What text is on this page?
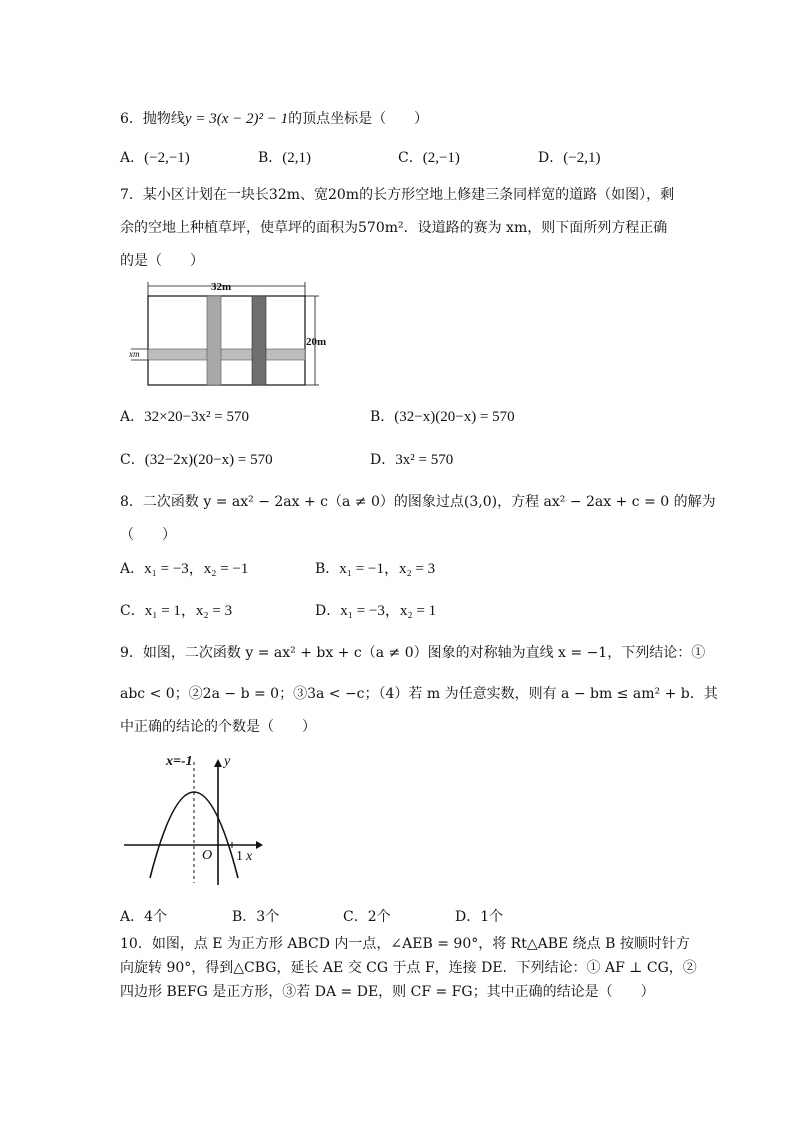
6．抛物线y = 3(x − 2)² − 1的顶点坐标是（　　）
A．(−2,−1)	B．(2,1)	C．(2,−1)	D．(−2,1)
7．某小区计划在一块长32m、宽20m的长方形空地上修建三条同样宽的道路（如图），剩
余的空地上种植草坪，使草坪的面积为570m²．设道路的赛为 xm，则下面所列方程正确
的是（　　）
32m
20m
xm
A．32×20−3x² = 570	B．(32−x)(20−x) = 570
C．(32−2x)(20−x) = 570	D．3x² = 570
8．二次函数 y = ax² − 2ax + c（a ≠ 0）的图象过点(3,0)，方程 ax² − 2ax + c = 0 的解为
（　　）
A．x₁ = −3，x₂ = −1	B．x₁ = −1，x₂ = 3
C．x₁ = 1，x₂ = 3	D．x₁ = −3，x₂ = 1
9．如图，二次函数 y = ax² + bx + c（a ≠ 0）图象的对称轴为直线 x = −1，下列结论：①
abc < 0；②2a − b = 0；③3a < −c；（4）若 m 为任意实数，则有 a − bm ≤ am² + b．其
中正确的结论的个数是（　　）
x=-1 y
O 1 x
A．4个	B．3个	C．2个	D．1个
10．如图，点 E 为正方形 ABCD 内一点，∠AEB = 90°，将 Rt△ABE 绕点 B 按顺时针方
向旋转 90°，得到△CBG，延长 AE 交 CG 于点 F，连接 DE．下列结论：① AF ⊥ CG，②
四边形 BEFG 是正方形，③若 DA = DE，则 CF = FG；其中正确的结论是（　　）
